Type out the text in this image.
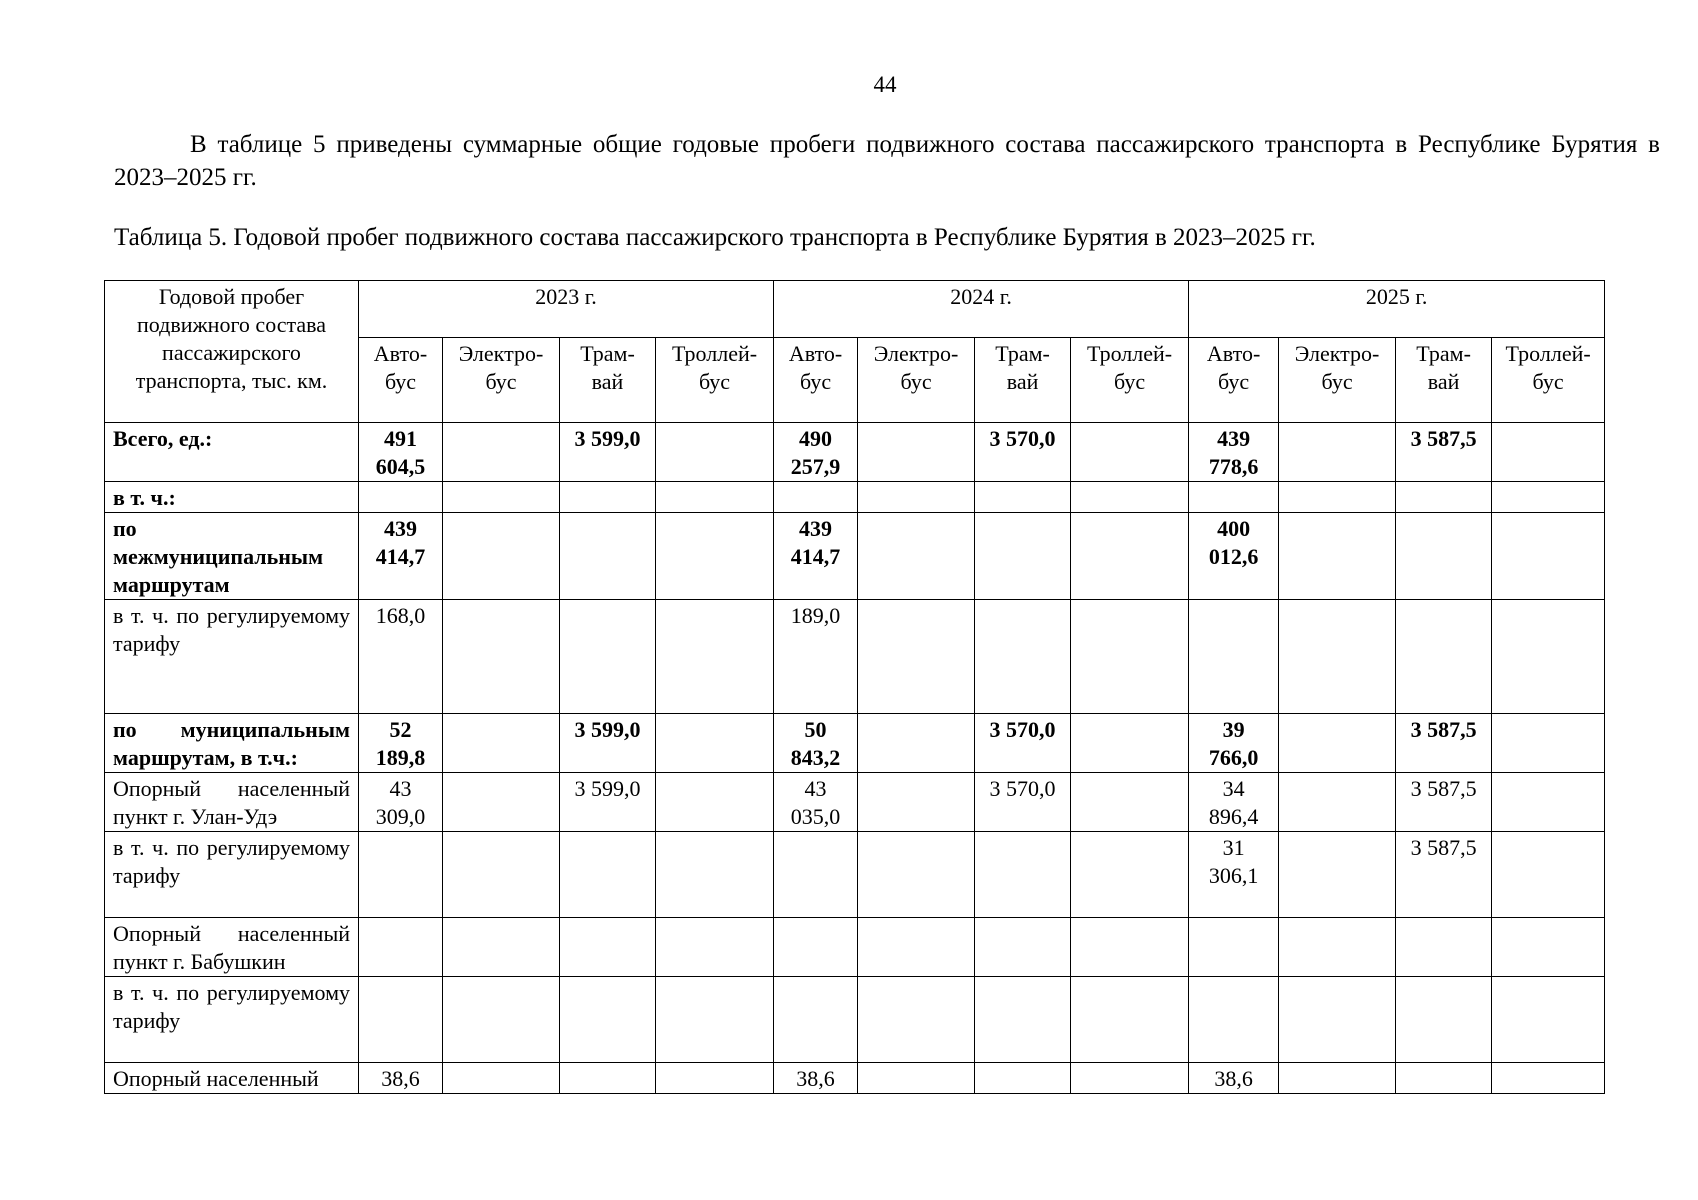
44

В таблице 5 приведены суммарные общие годовые пробеги подвижного состава пассажирского транспорта в Республике Бурятия в 2023–2025 гг.

Таблица 5. Годовой пробег подвижного состава пассажирского транспорта в Республике Бурятия в 2023–2025 гг.

Годовой пробег подвижного состава пассажирского транспорта, тыс. км.	2023 г.				2024 г.				2025 г.			
	Авто-бус	Электро-бус	Трам-вай	Троллей-бус	Авто-бус	Электро-бус	Трам-вай	Троллей-бус	Авто-бус	Электро-бус	Трам-вай	Троллей-бус
Всего, ед.:	491 604,5		3 599,0		490 257,9		3 570,0		439 778,6		3 587,5	
в т. ч.:												
по межмуниципальным маршрутам	439 414,7				439 414,7				400 012,6			
в т. ч. по регулируемому тарифу	168,0				189,0							
по муниципальным маршрутам, в т.ч.:	52 189,8		3 599,0		50 843,2		3 570,0		39 766,0		3 587,5	
Опорный населенный пункт г. Улан-Удэ	43 309,0		3 599,0		43 035,0		3 570,0		34 896,4		3 587,5	
в т. ч. по регулируемому тарифу									31 306,1		3 587,5	
Опорный населенный пункт г. Бабушкин												
в т. ч. по регулируемому тарифу												
Опорный населенный	38,6				38,6				38,6			
